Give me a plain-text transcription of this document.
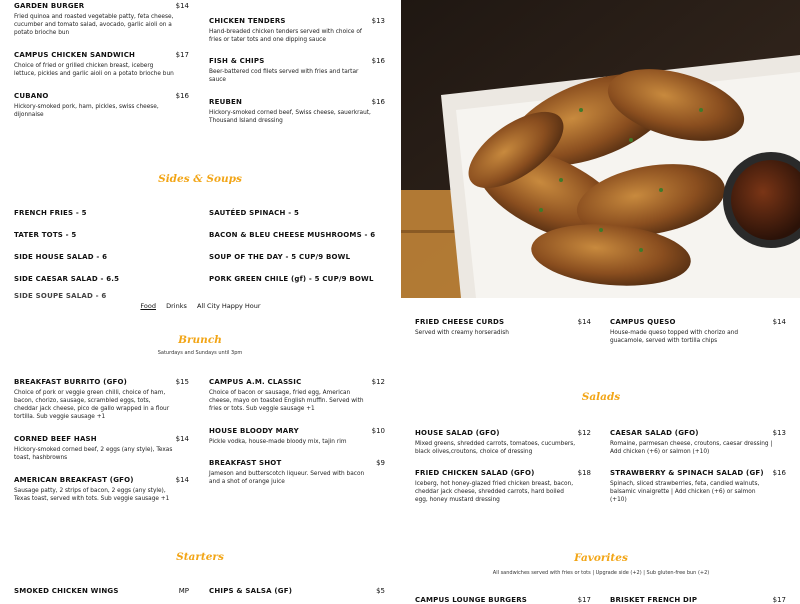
GARDEN BURGER	$14
Fried quinoa and roasted vegetable patty, feta cheese,
cucumber and tomato salad, avocado, garlic aioli on a
potato brioche bun
CAMPUS CHICKEN SANDWICH	$17
Choice of fried or grilled chicken breast, iceberg
lettuce, pickles and garlic aioli on a potato brioche bun
CUBANO	$16
Hickory-smoked pork, ham, pickles, swiss cheese,
dijonnaise
CHICKEN TENDERS	$13
Hand-breaded chicken tenders served with choice of
fries or tater tots and one dipping sauce
FISH & CHIPS	$16
Beer-battered cod filets served with fries and tartar
sauce
REUBEN	$16
Hickory-smoked corned beef, Swiss cheese, sauerkraut,
Thousand Island dressing
Sides & Soups
FRENCH FRIES - 5
TATER TOTS - 5
SIDE HOUSE SALAD - 6
SIDE CAESAR SALAD - 6.5
SAUTÉED SPINACH - 5
BACON & BLEU CHEESE MUSHROOMS - 6
SOUP OF THE DAY - 5 CUP/9 BOWL
PORK GREEN CHILE (gf) - 5 CUP/9 BOWL
SIDE SOUPE SALAD - 6
Food Drinks All City Happy Hour
Brunch
Saturdays and Sundays until 3pm
BREAKFAST BURRITO (GFO)	$15
Choice of pork or veggie green chilli, choice of ham,
bacon, chorizo, sausage, scrambled eggs, tots,
cheddar jack cheese, pico de gallo wrapped in a flour
tortilla. Sub veggie sausage +1
CORNED BEEF HASH	$14
Hickory-smoked corned beef, 2 eggs (any style), Texas
toast, hashbrowns
AMERICAN BREAKFAST (GFO)	$14
Sausage patty, 2 strips of bacon, 2 eggs (any style),
Texas toast, served with tots. Sub veggie sausage +1
CAMPUS A.M. CLASSIC	$12
Choice of bacon or sausage, fried egg, American
cheese, mayo on toasted English muffin. Served with
fries or tots. Sub veggie sausage +1
HOUSE BLOODY MARY	$10
Pickle vodka, house-made bloody mix, tajin rim
BREAKFAST SHOT	$9
Jameson and butterscotch liqueur. Served with bacon
and a shot of orange juice
Starters
SMOKED CHICKEN WINGS	MP	CHIPS & SALSA (GF)	$5
FRIED CHEESE CURDS	$14
Served with creamy horseradish
CAMPUS QUESO	$14
House-made queso topped with chorizo and
guacamole, served with tortilla chips
Salads
HOUSE SALAD (GFO)	$12
Mixed greens, shredded carrots, tomatoes, cucumbers,
black olives,croutons, choice of dressing
FRIED CHICKEN SALAD (GFO)	$18
Iceberg, hot honey-glazed fried chicken breast, bacon,
cheddar jack cheese, shredded carrots, hard boiled
egg, honey mustard dressing
CAESAR SALAD (GFO)	$13
Romaine, parmesan cheese, croutons, caesar dressing |
Add chicken (+6) or salmon (+10)
STRAWBERRY & SPINACH SALAD (GF)	$16
Spinach, sliced strawberries, feta, candied walnuts,
balsamic vinaigrette | Add chicken (+6) or salmon
(+10)
Favorites
All sandwiches served with fries or tots | Upgrade side (+2) | Sub gluten-free bun (+2)
CAMPUS LOUNGE BURGERS	$17	BRISKET FRENCH DIP	$17
